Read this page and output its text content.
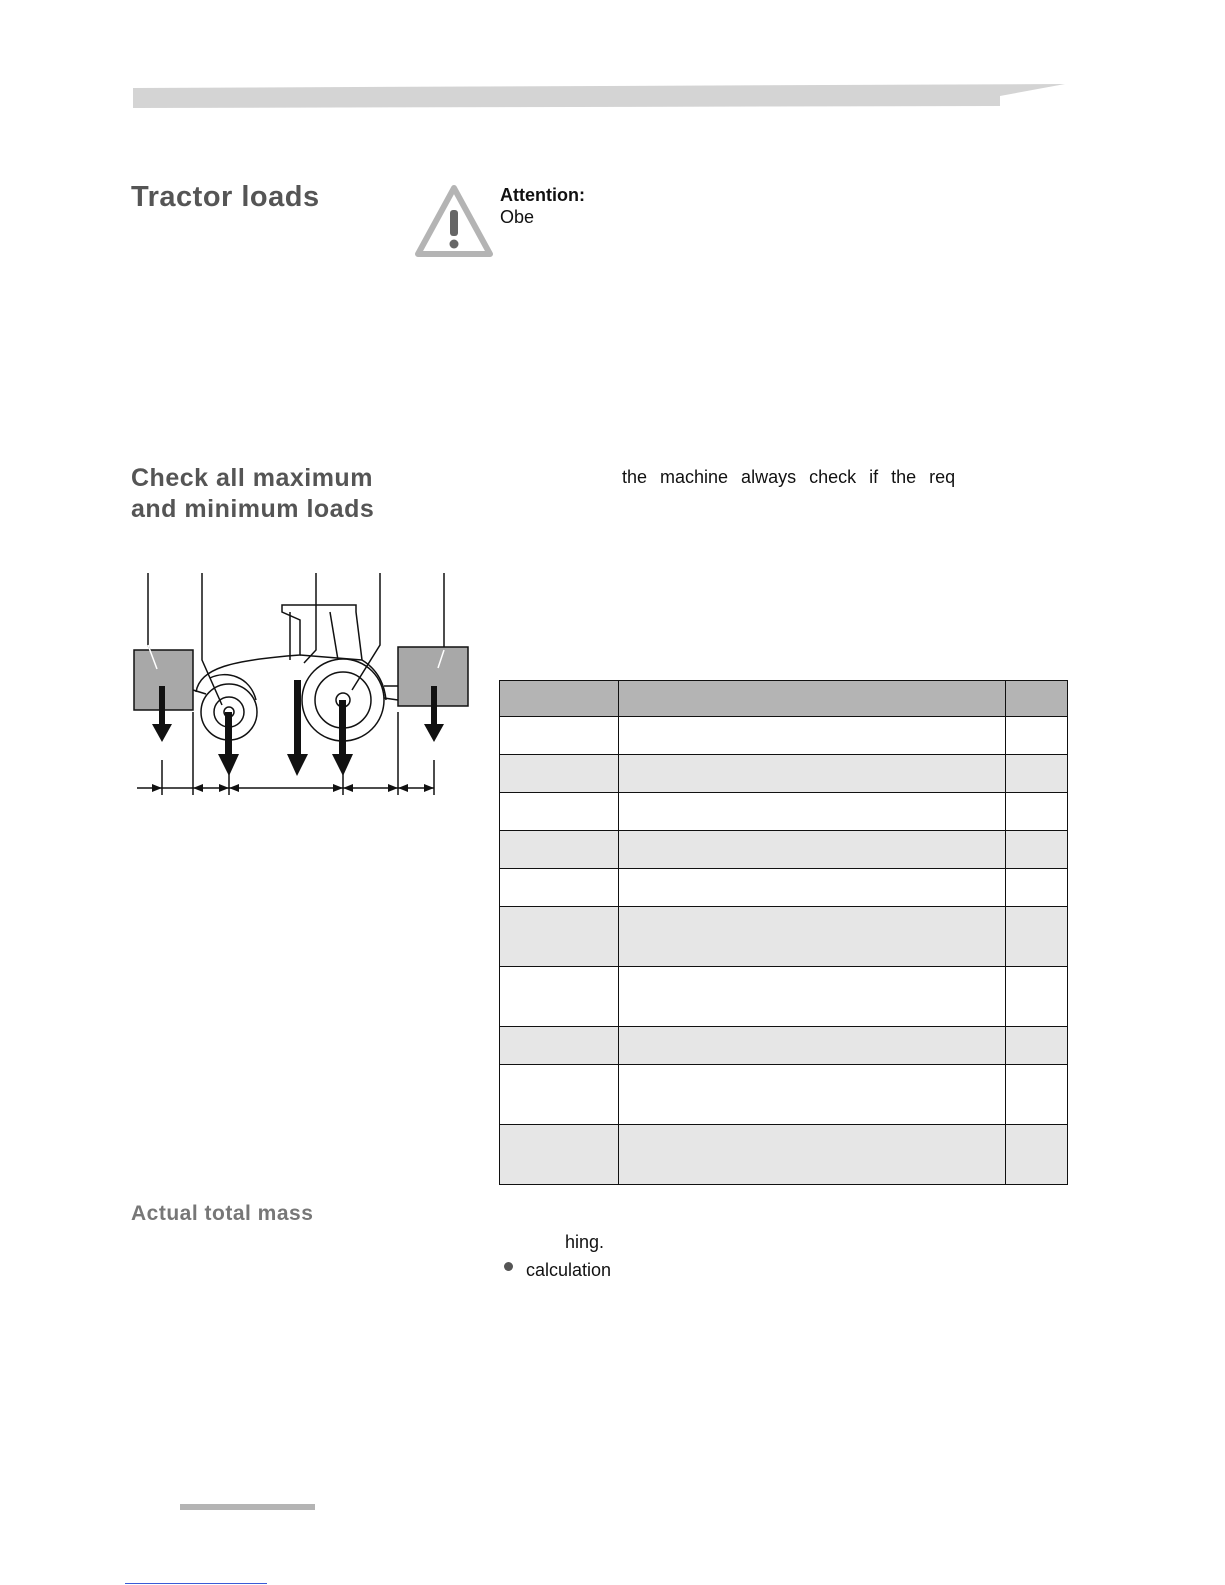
Tractor loads	Attention:
Obe
Check all maximum
and minimum loads
the machine always check if the req

Actual total mass
hing.
calculation
